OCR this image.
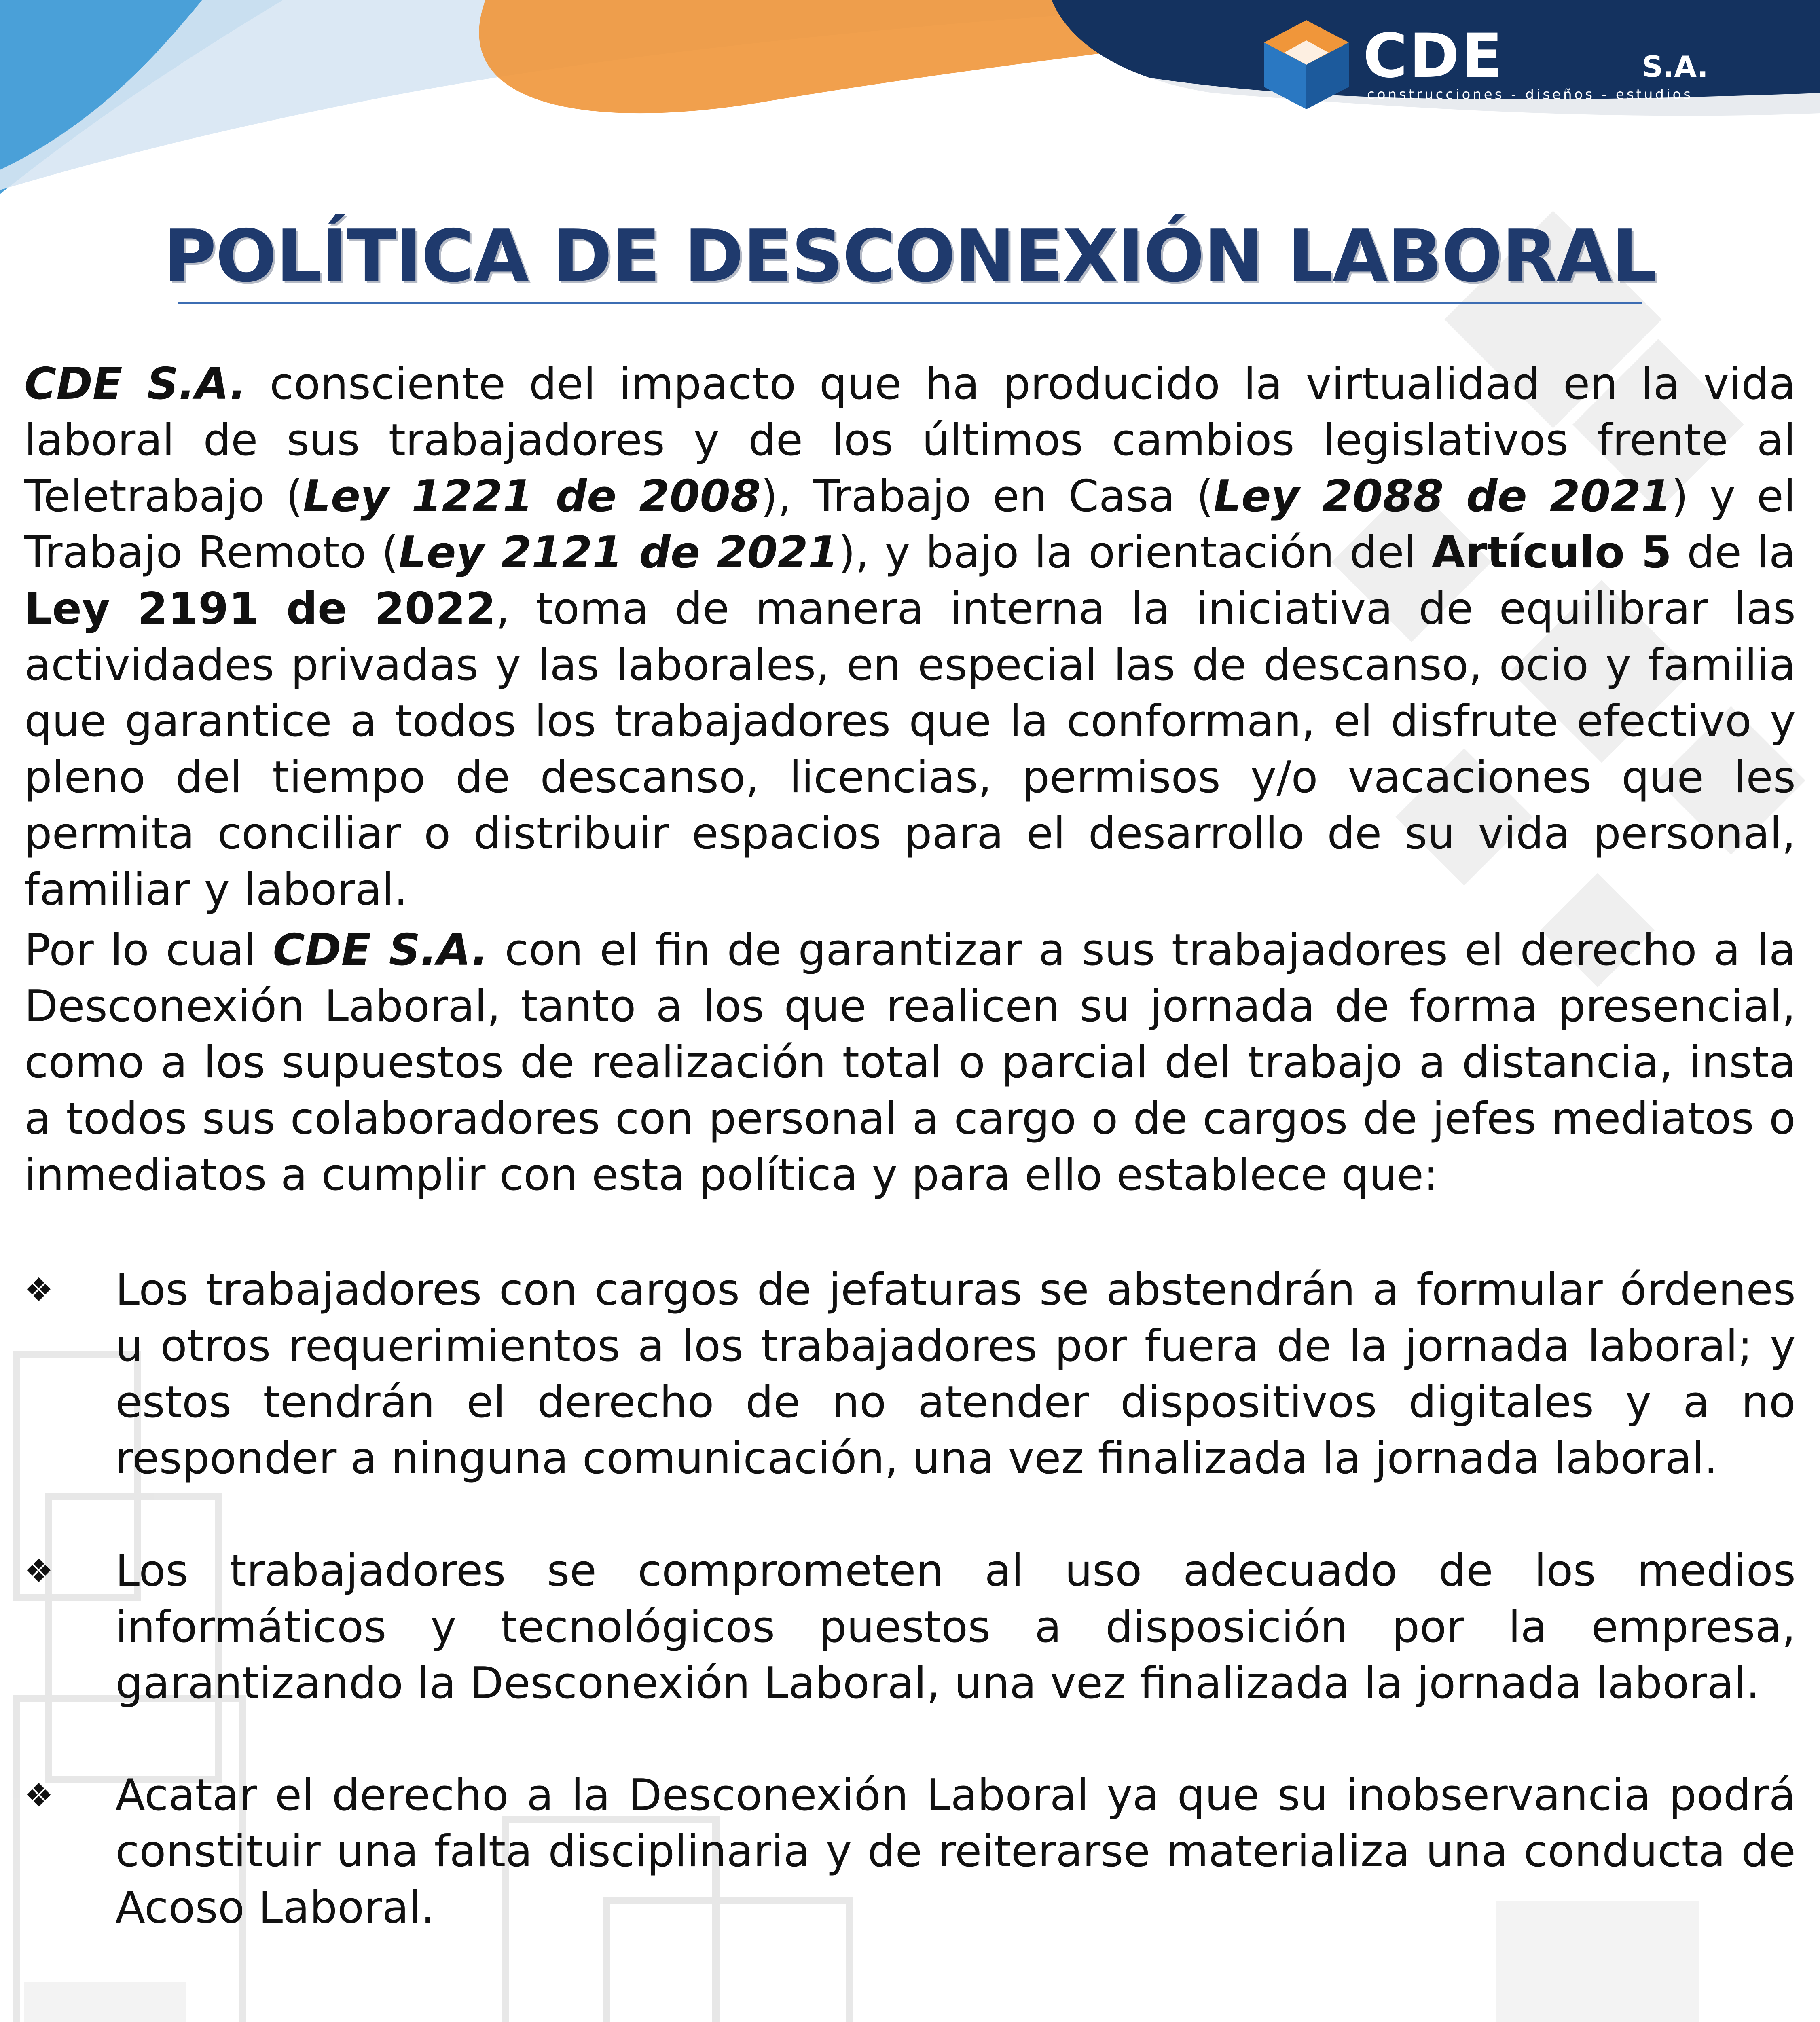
CDE	S.A.
construcciones - diseños - estudios
POLÍTICA DE DESCONEXIÓN LABORAL

CDE S.A. consciente del impacto que ha producido la virtualidad en la vida laboral de sus trabajadores y de los últimos cambios legislativos frente al Teletrabajo (Ley 1221 de 2008), Trabajo en Casa (Ley 2088 de 2021) y el Trabajo Remoto (Ley 2121 de 2021), y bajo la orientación del Artículo 5 de la Ley 2191 de 2022, toma de manera interna la iniciativa de equilibrar las actividades privadas y las laborales, en especial las de descanso, ocio y familia que garantice a todos los trabajadores que la conforman, el disfrute efectivo y pleno del tiempo de descanso, licencias, permisos y/o vacaciones que les permita conciliar o distribuir espacios para el desarrollo de su vida personal, familiar y laboral.

Por lo cual CDE S.A. con el fin de garantizar a sus trabajadores el derecho a la Desconexión Laboral, tanto a los que realicen su jornada de forma presencial, como a los supuestos de realización total o parcial del trabajo a distancia, insta a todos sus colaboradores con personal a cargo o de cargos de jefes mediatos o inmediatos a cumplir con esta política y para ello establece que:

❖	Los trabajadores con cargos de jefaturas se abstendrán a formular órdenes u otros requerimientos a los trabajadores por fuera de la jornada laboral; y estos tendrán el derecho de no atender dispositivos digitales y a no responder a ninguna comunicación, una vez finalizada la jornada laboral.

❖	Los trabajadores se comprometen al uso adecuado de los medios informáticos y tecnológicos puestos a disposición por la empresa, garantizando la Desconexión Laboral, una vez finalizada la jornada laboral.

❖	Acatar el derecho a la Desconexión Laboral ya que su inobservancia podrá constituir una falta disciplinaria y de reiterarse materializa una conducta de Acoso Laboral.
